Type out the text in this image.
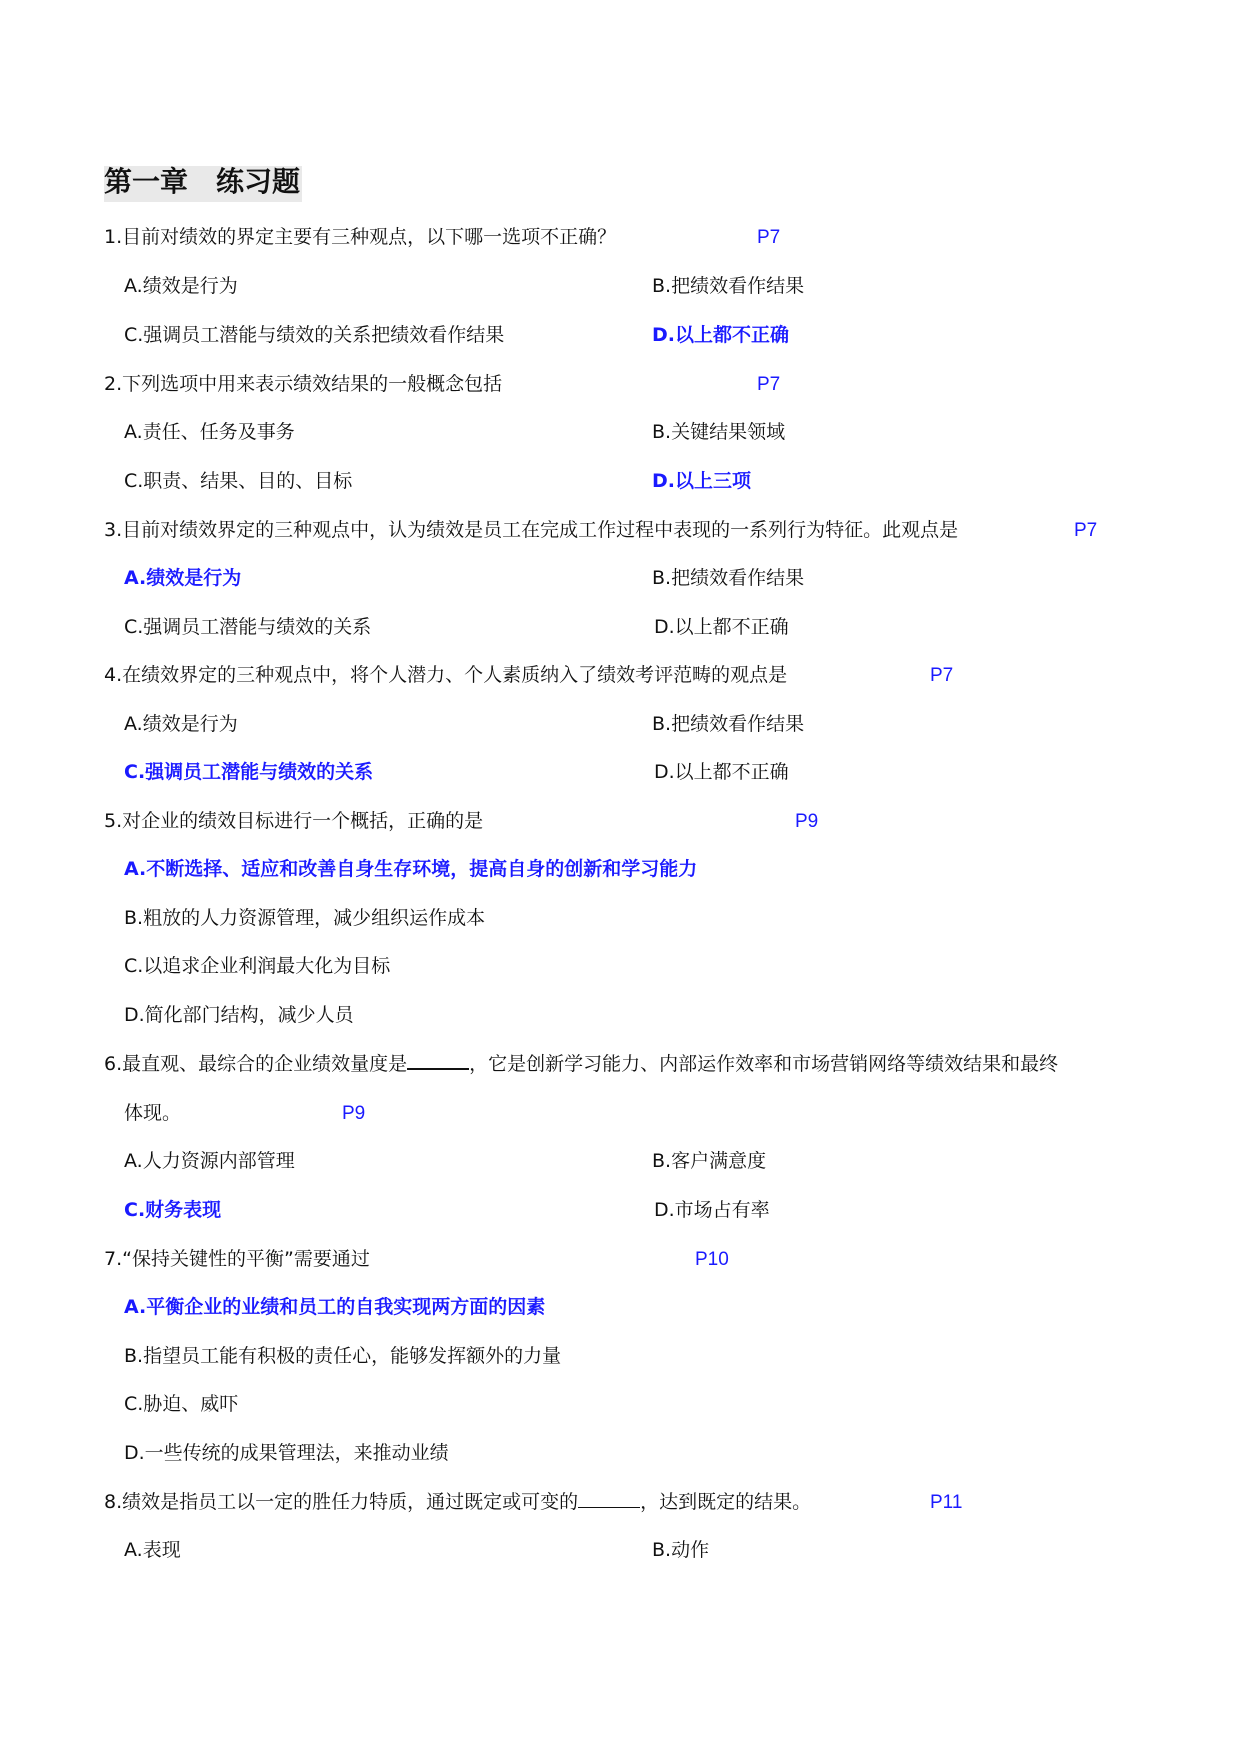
第一章　练习题
1.目前对绩效的界定主要有三种观点，以下哪一选项不正确？	P7
A.绩效是行为	B.把绩效看作结果
C.强调员工潜能与绩效的关系把绩效看作结果	D.以上都不正确
2.下列选项中用来表示绩效结果的一般概念包括	P7
A.责任、任务及事务	B.关键结果领域
C.职责、结果、目的、目标	D.以上三项
3.目前对绩效界定的三种观点中，认为绩效是员工在完成工作过程中表现的一系列行为特征。此观点是	P7
A.绩效是行为	B.把绩效看作结果
C.强调员工潜能与绩效的关系	D.以上都不正确
4.在绩效界定的三种观点中，将个人潜力、个人素质纳入了绩效考评范畴的观点是	P7
A.绩效是行为	B.把绩效看作结果
C.强调员工潜能与绩效的关系	D.以上都不正确
5.对企业的绩效目标进行一个概括，正确的是	P9
A.不断选择、适应和改善自身生存环境，提高自身的创新和学习能力
B.粗放的人力资源管理，减少组织运作成本
C.以追求企业利润最大化为目标
D.简化部门结构，减少人员
6.最直观、最综合的企业绩效量度是	，它是创新学习能力、内部运作效率和市场营销网络等绩效结果和最终
体现。	P9
A.人力资源内部管理	B.客户满意度
C.财务表现	D.市场占有率
7.“保持关键性的平衡”需要通过	P10
A.平衡企业的业绩和员工的自我实现两方面的因素
B.指望员工能有积极的责任心，能够发挥额外的力量
C.胁迫、威吓
D.一些传统的成果管理法，来推动业绩
8.绩效是指员工以一定的胜任力特质，通过既定或可变的	，达到既定的结果。	P11
A.表现	B.动作
